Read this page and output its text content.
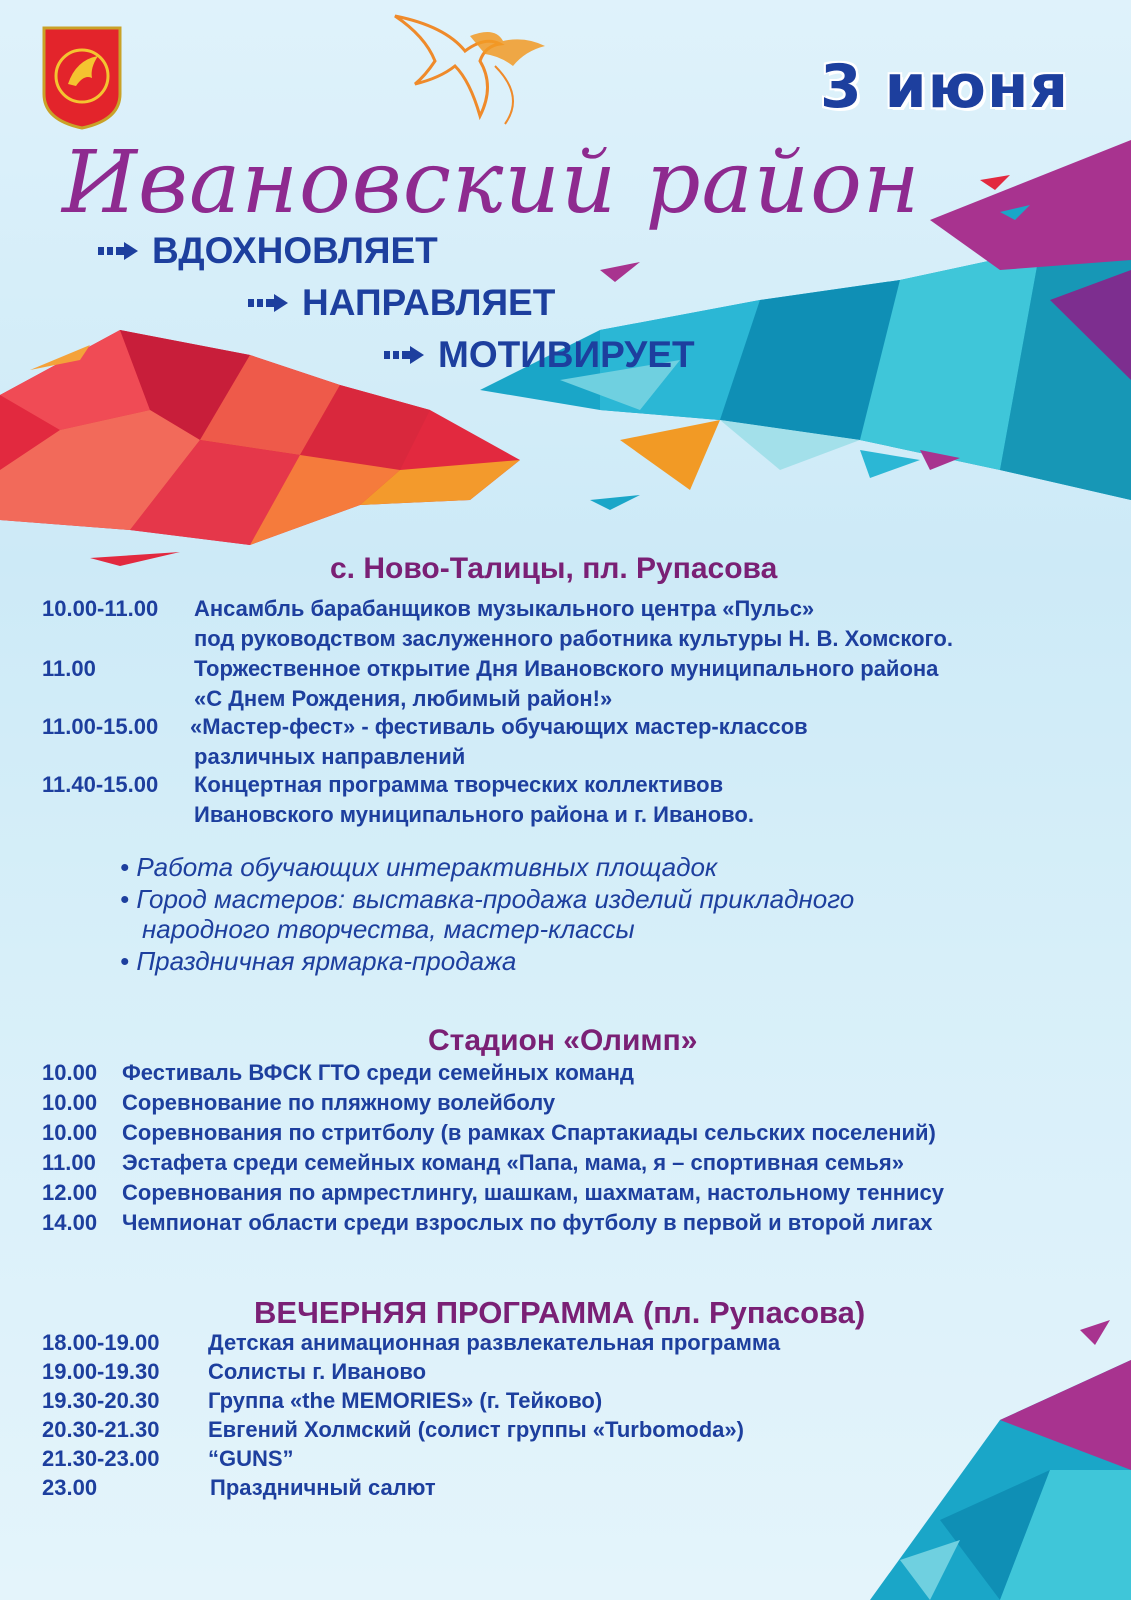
3 июня
Ивановский район
ВДОХНОВЛЯЕТ
НАПРАВЛЯЕТ
МОТИВИРУЕТ
с. Ново-Талицы, пл. Рупасова
10.00-11.00 Ансамбль барабанщиков музыкального центра «Пульс»
под руководством заслуженного работника культуры Н. В. Хомского.
11.00	Торжественное открытие Дня Ивановского муниципального района
«С Днем Рождения, любимый район!»
11.00-15.00 «Мастер-фест» - фестиваль обучающих мастер-классов
различных направлений
11.40-15.00 Концертная программа творческих коллективов
Ивановского муниципального района и г. Иваново.
• Работа обучающих интерактивных площадок
• Город мастеров: выставка-продажа изделий прикладного
народного творчества, мастер-классы
• Праздничная ярмарка-продажа
Стадион «Олимп»
10.00 Фестиваль ВФСК ГТО среди семейных команд
10.00 Соревнование по пляжному волейболу
10.00 Соревнования по стритболу (в рамках Спартакиады сельских поселений)
11.00 Эстафета среди семейных команд «Папа, мама, я – спортивная семья»
12.00 Соревнования по армрестлингу, шашкам, шахматам, настольному теннису
14.00 Чемпионат области среди взрослых по футболу в первой и второй лигах
ВЕЧЕРНЯЯ ПРОГРАММА (пл. Рупасова)
18.00-19.00 Детская анимационная развлекательная программа
19.00-19.30 Солисты г. Иваново
19.30-20.30 Группа «the MEMORIES» (г. Тейково)
20.30-21.30 Евгений Холмский (солист группы «Turbomoda»)
21.30-23.00 “GUNS”
23.00	Праздничный салют
